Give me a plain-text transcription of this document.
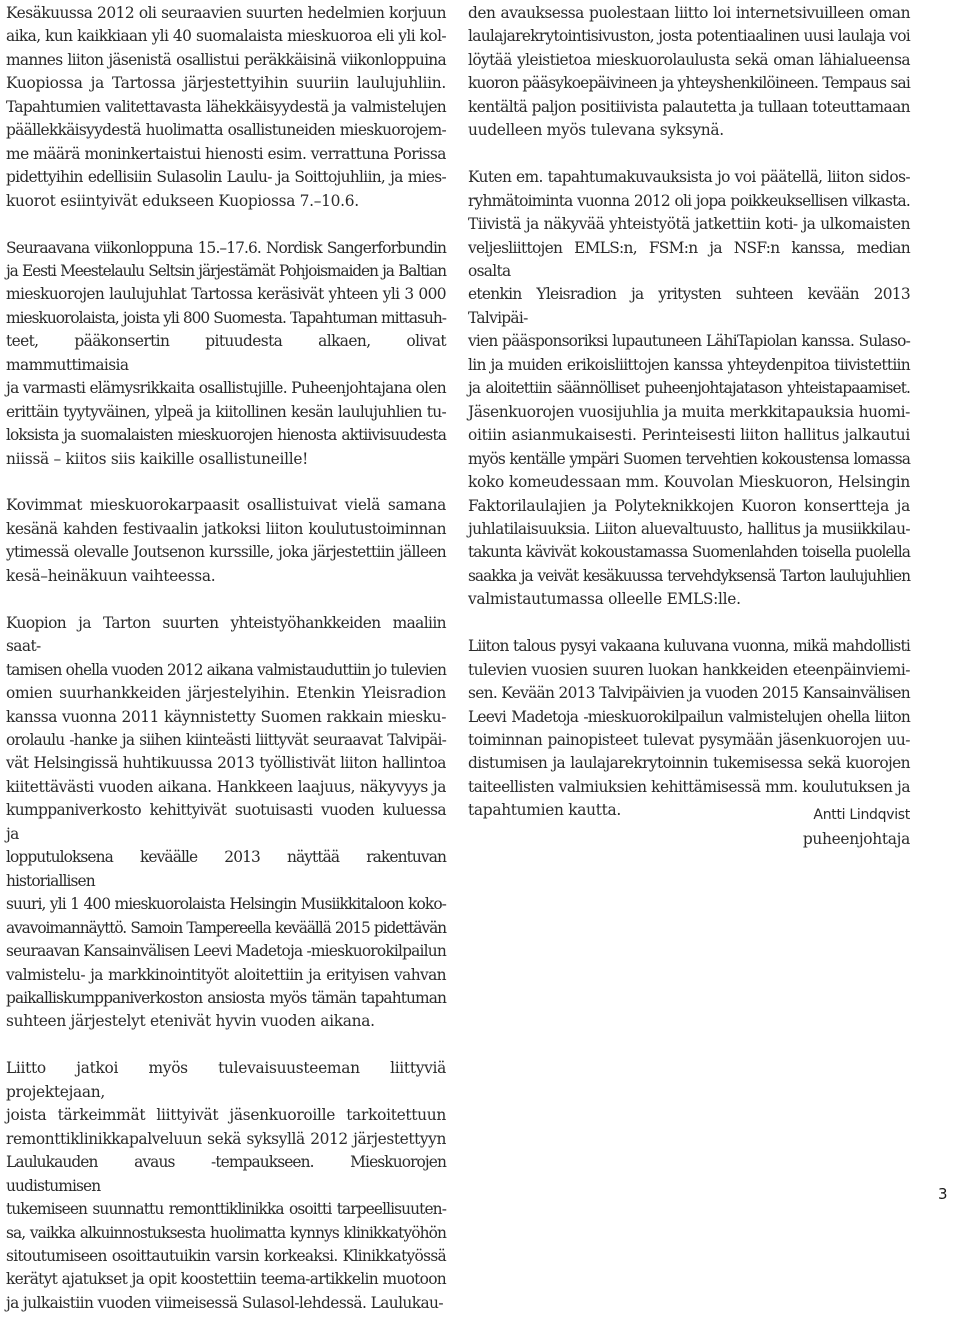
Kesäkuussa 2012 oli seuraavien suurten hedelmien korjuun
aika, kun kaikkiaan yli 40 suomalaista mieskuoroa eli yli kol-
mannes liiton jäsenistä osallistui peräkkäisinä viikonloppuina
Kuopiossa ja Tartossa järjestettyihin suuriin laulujuhliin.
Tapahtumien valitettavasta lähekkäisyydestä ja valmistelujen
päällekkäisyydestä huolimatta osallistuneiden mieskuorojem-
me määrä moninkertaistui hienosti esim. verrattuna Porissa
pidettyihin edellisiin Sulasolin Laulu- ja Soittojuhliin, ja mies-
kuorot esiintyivät edukseen Kuopiossa 7.–10.6.

Seuraavana viikonloppuna 15.–17.6. Nordisk Sangerforbundin
ja Eesti Meestelaulu Seltsin järjestämät Pohjoismaiden ja Baltian
mieskuorojen laulujuhlat Tartossa keräsivät yhteen yli 3 000
mieskuorolaista, joista yli 800 Suomesta. Tapahtuman mittasuh-
teet, pääkonsertin pituudesta alkaen, olivat mammuttimaisia
ja varmasti elämysrikkaita osallistujille. Puheenjohtajana olen
erittäin tyytyväinen, ylpeä ja kiitollinen kesän laulujuhlien tu-
loksista ja suomalaisten mieskuorojen hienosta aktiivisuudesta
niissä – kiitos siis kaikille osallistuneille!

Kovimmat mieskuorokarpaasit osallistuivat vielä samana
kesänä kahden festivaalin jatkoksi liiton koulutustoiminnan
ytimessä olevalle Joutsenon kurssille, joka järjestettiin jälleen
kesä–heinäkuun vaihteessa.

Kuopion ja Tarton suurten yhteistyöhankkeiden maaliin saat-
tamisen ohella vuoden 2012 aikana valmistauduttiin jo tulevien
omien suurhankkeiden järjestelyihin. Etenkin Yleisradion
kanssa vuonna 2011 käynnistetty Suomen rakkain miesku-
orolaulu -hanke ja siihen kiinteästi liittyvät seuraavat Talvipäi-
vät Helsingissä huhtikuussa 2013 työllistivät liiton hallintoa
kiitettävästi vuoden aikana. Hankkeen laajuus, näkyvyys ja
kumppaniverkosto kehittyivät suotuisasti vuoden kuluessa ja
lopputuloksena keväälle 2013 näyttää rakentuvan historiallisen
suuri, yli 1 400 mieskuorolaista Helsingin Musiikkitaloon koko-
avavoimannäyttö. Samoin Tampereella keväällä 2015 pidettävän
seuraavan Kansainvälisen Leevi Madetoja -mieskuorokilpailun
valmistelu- ja markkinointityöt aloitettiin ja erityisen vahvan
paikalliskumppaniverkoston ansiosta myös tämän tapahtuman
suhteen järjestelyt etenivät hyvin vuoden aikana.

Liitto jatkoi myös tulevaisuusteeman liittyviä projektejaan,
joista tärkeimmät liittyivät jäsenkuoroille tarkoitettuun
remonttiklinikkapalveluun sekä syksyllä 2012 järjestettyyn
Laulukauden avaus -tempaukseen. Mieskuorojen uudistumisen
tukemiseen suunnattu remonttiklinikka osoitti tarpeellisuuten-
sa, vaikka alkuinnostuksesta huolimatta kynnys klinikkatyöhön
sitoutumiseen osoittautuikin varsin korkeaksi. Klinikkatyössä
kerätyt ajatukset ja opit koostettiin teema-artikkelin muotoon
ja julkaistiin vuoden viimeisessä Sulasol-lehdessä. Laulukau-

den avauksessa puolestaan liitto loi internetsivuilleen oman
laulajarekrytointisivuston, josta potentiaalinen uusi laulaja voi
löytää yleistietoa mieskuorolaulusta sekä oman lähialueensa
kuoron pääsykoepäivineen ja yhteyshenkilöineen. Tempaus sai
kentältä paljon positiivista palautetta ja tullaan toteuttamaan
uudelleen myös tulevana syksynä.

Kuten em. tapahtumakuvauksista jo voi päätellä, liiton sidos-
ryhmätoiminta vuonna 2012 oli jopa poikkeuksellisen vilkasta.
Tiivistä ja näkyvää yhteistyötä jatkettiin koti- ja ulkomaisten
veljesliittojen EMLS:n, FSM:n ja NSF:n kanssa, median osalta
etenkin Yleisradion ja yritysten suhteen kevään 2013 Talvipäi-
vien pääsponsoriksi lupautuneen LähiTapiolan kanssa. Sulaso-
lin ja muiden erikoisliittojen kanssa yhteydenpitoa tiivistettiin
ja aloitettiin säännölliset puheenjohtajatason yhteistapaamiset.
Jäsenkuorojen vuosijuhlia ja muita merkkitapauksia huomi-
oitiin asianmukaisesti. Perinteisesti liiton hallitus jalkautui
myös kentälle ympäri Suomen tervehtien kokoustensa lomassa
koko komeudessaan mm. Kouvolan Mieskuoron, Helsingin
Faktorilaulajien ja Polyteknikkojen Kuoron konsertteja ja
juhlatilaisuuksia. Liiton aluevaltuusto, hallitus ja musiikkilau-
takunta kävivät kokoustamassa Suomenlahden toisella puolella
saakka ja veivät kesäkuussa tervehdyksensä Tarton laulujuhlien
valmistautumassa olleelle EMLS:lle.

Liiton talous pysyi vakaana kuluvana vuonna, mikä mahdollisti
tulevien vuosien suuren luokan hankkeiden eteenpäinviemi-
sen. Kevään 2013 Talvipäivien ja vuoden 2015 Kansainvälisen
Leevi Madetoja -mieskuorokilpailun valmistelujen ohella liiton
toiminnan painopisteet tulevat pysymään jäsenkuorojen uu-
distumisen ja laulajarekrytoinnin tukemisessa sekä kuorojen
taiteellisten valmiuksien kehittämisessä mm. koulutuksen ja
tapahtumien kautta.	Antti Lindqvist
puheenjohtaja
3
